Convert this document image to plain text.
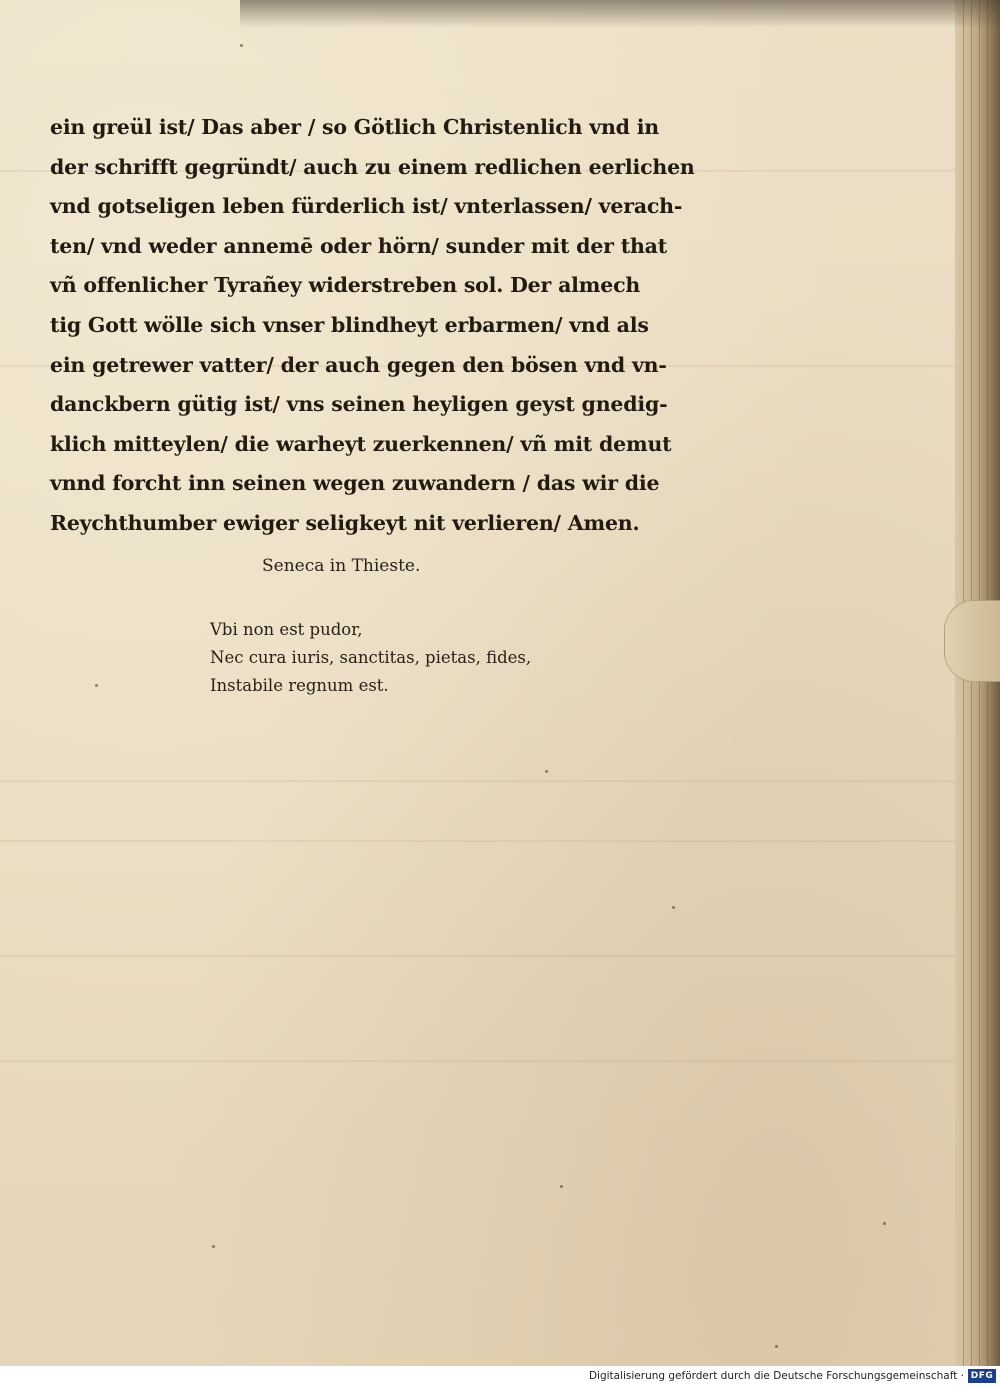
ein greül ist/ Das aber / so Götlich Christenlich vnd in
der schrifft gegründt/ auch zu einem redlichen eerlichen
vnd gotseligen leben fürderlich ist/ vnterlassen/ verach-
ten/ vnd weder annemē oder hörn/ sunder mit der that
vñ offenlicher Tyrañey widerstreben sol. Der almech
tig Gott wölle sich vnser blindheyt erbarmen/ vnd als
ein getrewer vatter/ der auch gegen den bösen vnd vn-
danckbern gütig ist/ vns seinen heyligen geyst gnedig-
klich mitteylen/ die warheyt zuerkennen/ vñ mit demut
vnnd forcht inn seinen wegen zuwandern / das wir die
Reychthumber ewiger seligkeyt nit verlieren/ Amen.
Seneca in Thieste.
Vbi non est pudor,
Nec cura iuris, sanctitas, pietas, fides,
Instabile regnum est.
Digitalisierung gefördert durch die Deutsche Forschungsgemeinschaft · DFG
